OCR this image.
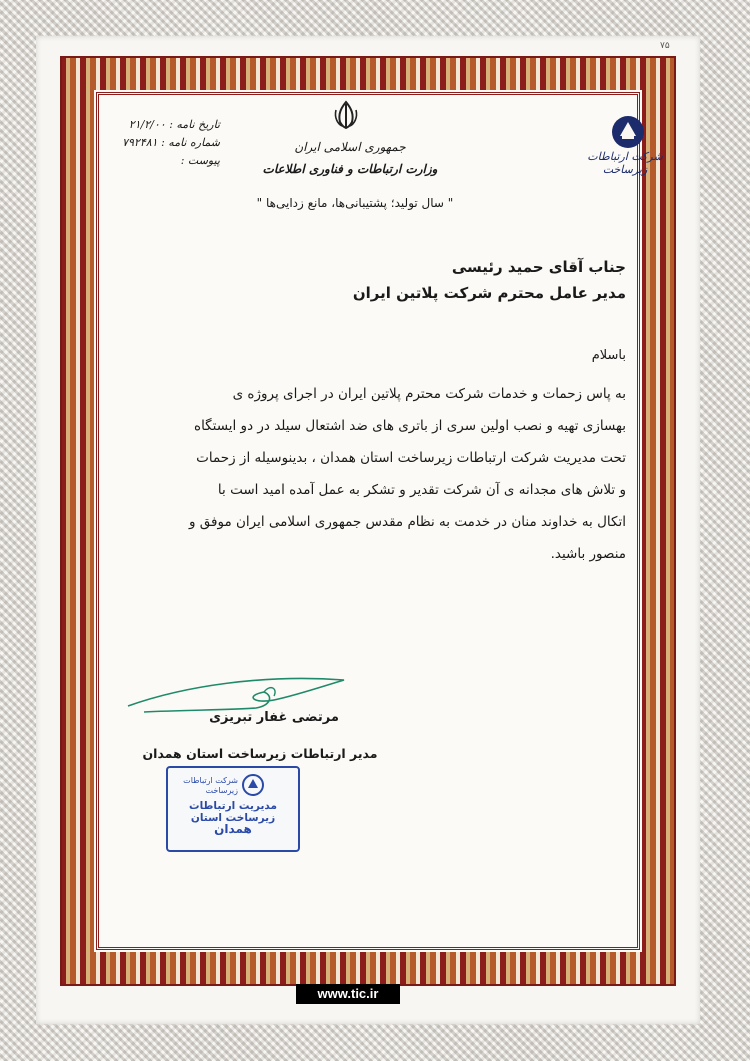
۷۵
شرکت ارتباطات زیرساخت
جمهوری اسلامی ایران
وزارت ارتباطات و فناوری اطلاعات
" سال تولید؛ پشتیبانی‌ها، مانع زدایی‌ها "
تاریخ نامه : ۲۱/۲/۰۰
شماره نامه : ۷۹۲۴۸۱
پیوست :
جناب آقای حمید رئیسی
مدیر عامل محترم شرکت پلاتین ایران
باسلام

به پاس زحمات و خدمات شرکت محترم پلاتین ایران در اجرای پروژه ی

بهسازی تهیه و نصب اولین سری از باتری های ضد اشتعال سیلد در دو ایستگاه

تحت مدیریت شرکت ارتباطات زیرساخت استان همدان ، بدینوسیله از زحمات

و تلاش های مجدانه ی آن شرکت تقدیر و تشکر به عمل آمده امید است با

اتکال به خداوند منان در خدمت به نظام مقدس جمهوری اسلامی ایران موفق و

منصور باشید.

مرتضی غفار تبریزی
مدیر ارتباطات زیرساخت استان همدان
شرکت ارتباطات زیرساخت
مدیریت ارتباطات زیرساخت استان
همدان
www.tic.ir
